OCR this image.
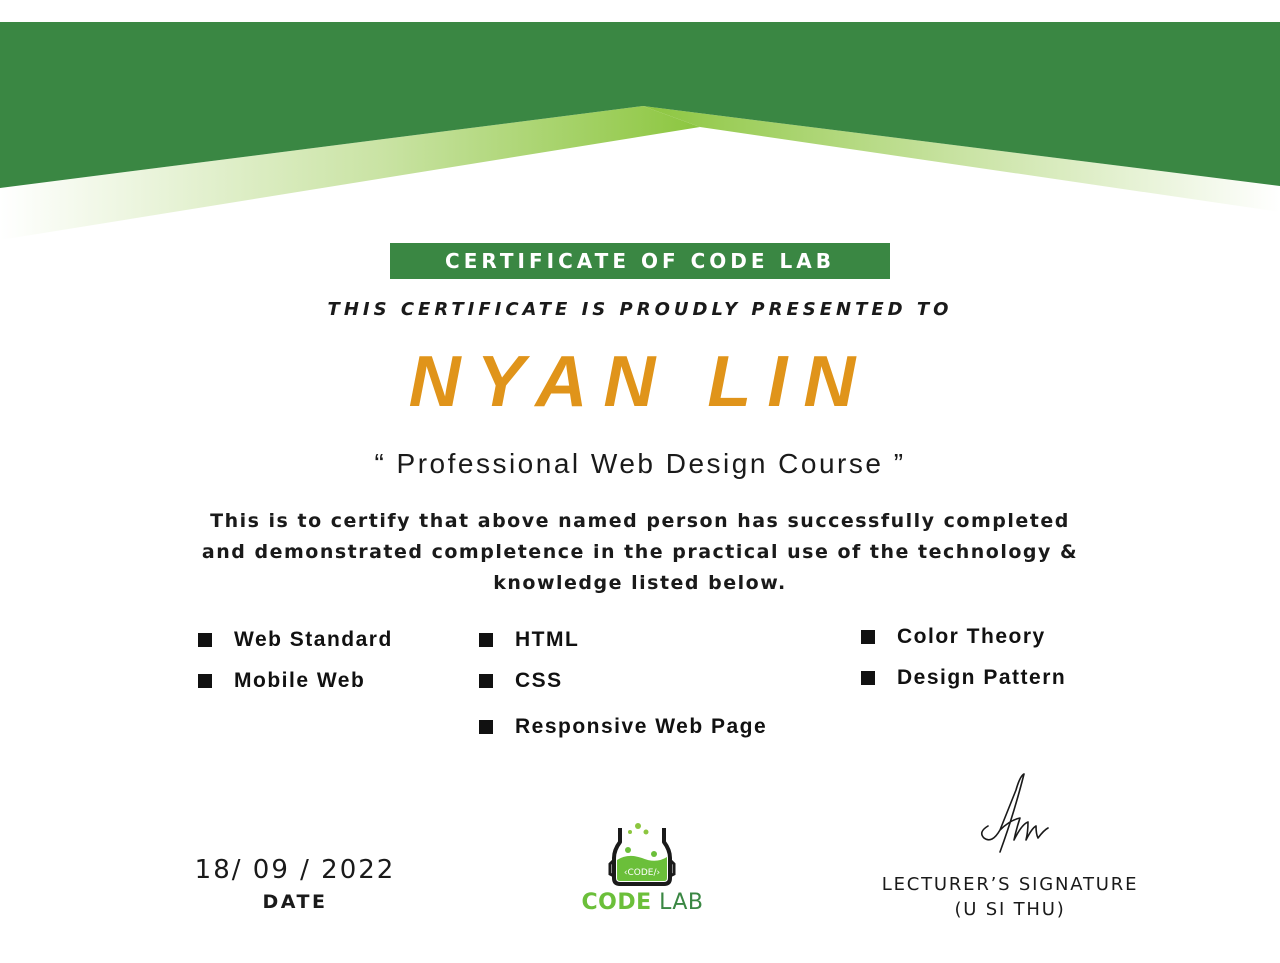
CERTIFICATE OF CODE LAB
THIS CERTIFICATE IS PROUDLY PRESENTED TO
NYAN LIN
“ Professional Web Design Course ”
This is to certify that above named person has successfully completed
and demonstrated completence in the practical use of the technology &
knowledge listed below.
Web Standard
Mobile Web
HTML
CSS
Responsive Web Page
Color Theory
Design Pattern
18/ 09 / 2022
DATE
‹CODE/›
CODE LAB
LECTURER’S SIGNATURE
(U SI THU)
